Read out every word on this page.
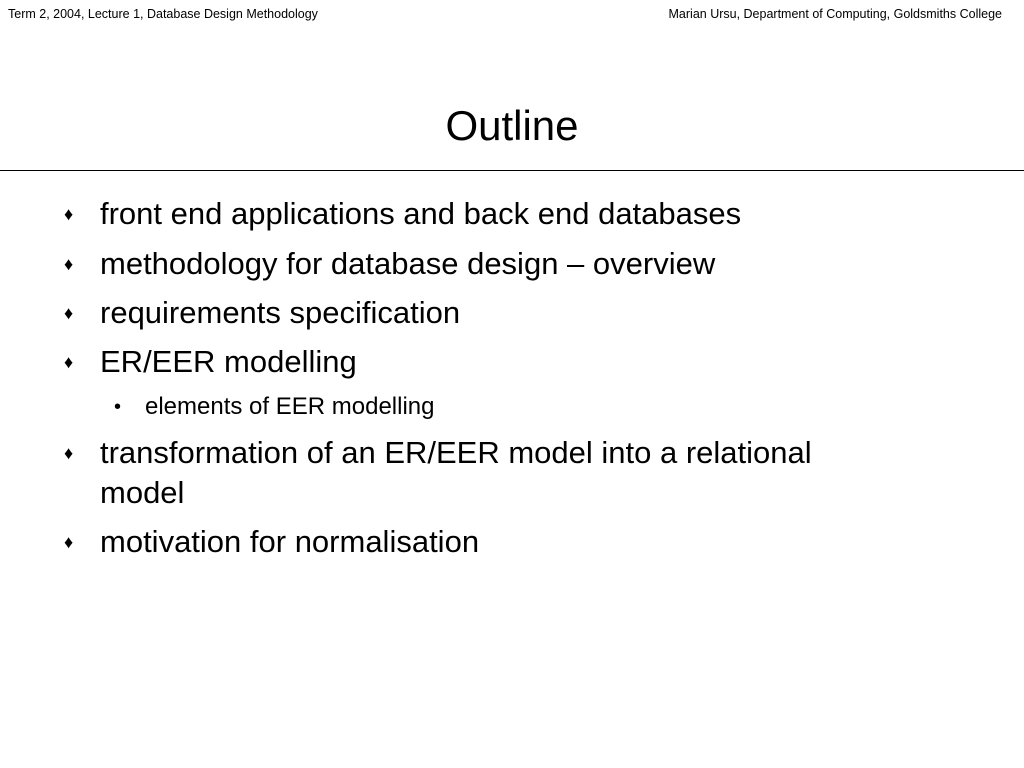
Term 2, 2004, Lecture 1, Database Design Methodology	Marian Ursu, Department of Computing, Goldsmiths College
Outline
♦ front end applications and back end databases
♦ methodology for database design – overview
♦ requirements specification
♦ ER/EER modelling
• elements of EER modelling
♦ transformation of an ER/EER model into a relational model
♦ motivation for normalisation
